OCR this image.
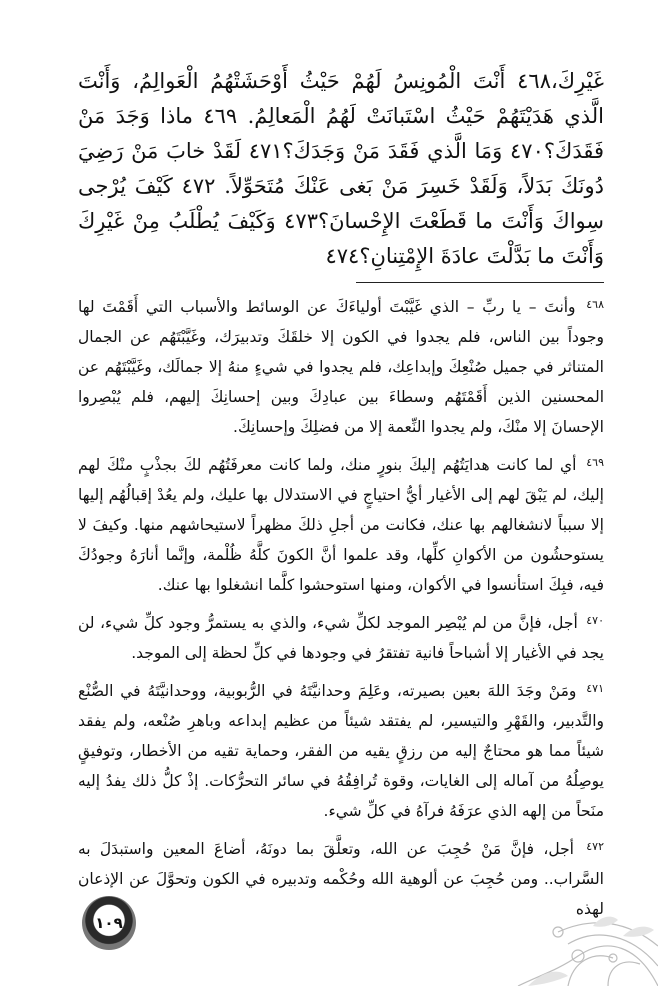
غَيْرِكَ،٤٦٨ أَنْتَ الْمُونِسُ لَهُمْ حَيْثُ أَوْحَشَتْهُمُ الْعَوالِمُ، وَأَنْتَ الَّذي هَدَيْتَهُمْ حَيْثُ اسْتَبانَتْ لَهُمُ الْمَعالِمُ. ٤٦٩ ماذا وَجَدَ مَنْ فَقَدَكَ؟٤٧٠ وَمَا الَّذي فَقَدَ مَنْ وَجَدَكَ؟٤٧١ لَقَدْ خابَ مَنْ رَضِيَ دُونَكَ بَدَلاً، وَلَقَدْ خَسِرَ مَنْ بَغى عَنْكَ مُتَحَوِّلاً. ٤٧٢ كَيْفَ يُرْجى سِواكَ وَأَنْتَ ما قَطَعْتَ الإِحْسانَ؟٤٧٣ وَكَيْفَ يُطْلَبُ مِنْ غَيْرِكَ وَأَنْتَ ما بَدَّلْتَ عادَةَ الإِمْتِنانِ؟٤٧٤

$^{٤٦٨}$ وأنتَ – يا ربِّ – الذي غَيَّبْتَ أولياءَكَ عن الوسائط والأسباب التي أَقَمْتَ لها وجوداً بين الناس، فلم يجدوا في الكون إلا خلقَكَ وتدبيرَك، وغَيَّبْتَهُم عن الجمال المتناثر في جميل صُنْعِكَ وإبداعِك، فلم يجدوا في شيءٍ منهُ إلا جمالَك، وغَيَّبْتَهُم عن المحسنين الذين أَقَمْتَهُم وسطاءَ بين عبادِكَ وبين إحسانِكَ إليهم، فلم يُبْصِروا الإحسانَ إلا منْكَ، ولم يجدوا النِّعمة إلا من فضلِكَ وإحسانِكَ.

$^{٤٦٩}$ أي لما كانت هدايَتُهُم إليكَ بنورٍ منك، ولما كانت معرفَتُهُم لكَ بجذْبٍ منْكَ لهم إليك، لم يَبْقَ لهم إلى الأغيار أيُّ احتياجٍ في الاستدلال بها عليك، ولم يعُدْ إقبالُهُم إليها إلا سبباً لانشغالهم بها عنك، فكانت من أجلِ ذلكَ مظهراً لاستيحاشهم منها. وكيفَ لا يستوحشُون من الأكوانِ كلِّها، وقد علموا أنَّ الكونَ كلَّهُ ظُلْمة، وإنَّما أنارَهُ وجودُكَ فيه، فبِكَ استأنسوا في الأكوان، ومنها استوحشوا كلَّما انشغلوا بها عنك.

$^{٤٧٠}$ أجل، فإنَّ من لم يُبْصِر الموجد لكلِّ شيء، والذي به يستمرُّ وجود كلِّ شيء، لن يجد في الأغيار إلا أشباحاً فانية تفتقرُ في وجودها في كلِّ لحظة إلى الموجد.

$^{٤٧١}$ ومَنْ وجَدَ اللهَ بعين بصيرته، وعَلِمَ وحدانيَّتَهُ في الرُّبوبية، ووحدانيَّتَهُ في الصُّنْع والتَّدبير، والقَهْرِ والتيسير، لم يفتقد شيئاً من عظيم إبداعه وباهرِ صُنْعه، ولم يفقد شيئاً مما هو محتاجٌ إليه من رزقٍ يقيه من الفقر، وحماية تقيه من الأخطار، وتوفيقٍ يوصِلُهُ من آماله إلى الغايات، وقوة تُرافِقُهُ في سائر التحرُّكات. إذْ كلُّ ذلك يفدُ إليه منَحاً من إلهه الذي عرَفَهُ فرآهُ في كلِّ شيء.

$^{٤٧٢}$ أجل، فإنَّ مَنْ حُجِبَ عن الله، وتعلَّقَ بما دونَهُ، أضاعَ المعين واستبدَلَ به السَّراب.. ومن حُجِبَ عن ألوهية الله وحُكْمه وتدبيره في الكون وتحوَّلَ عن الإذعان لهذه

١٠٩
